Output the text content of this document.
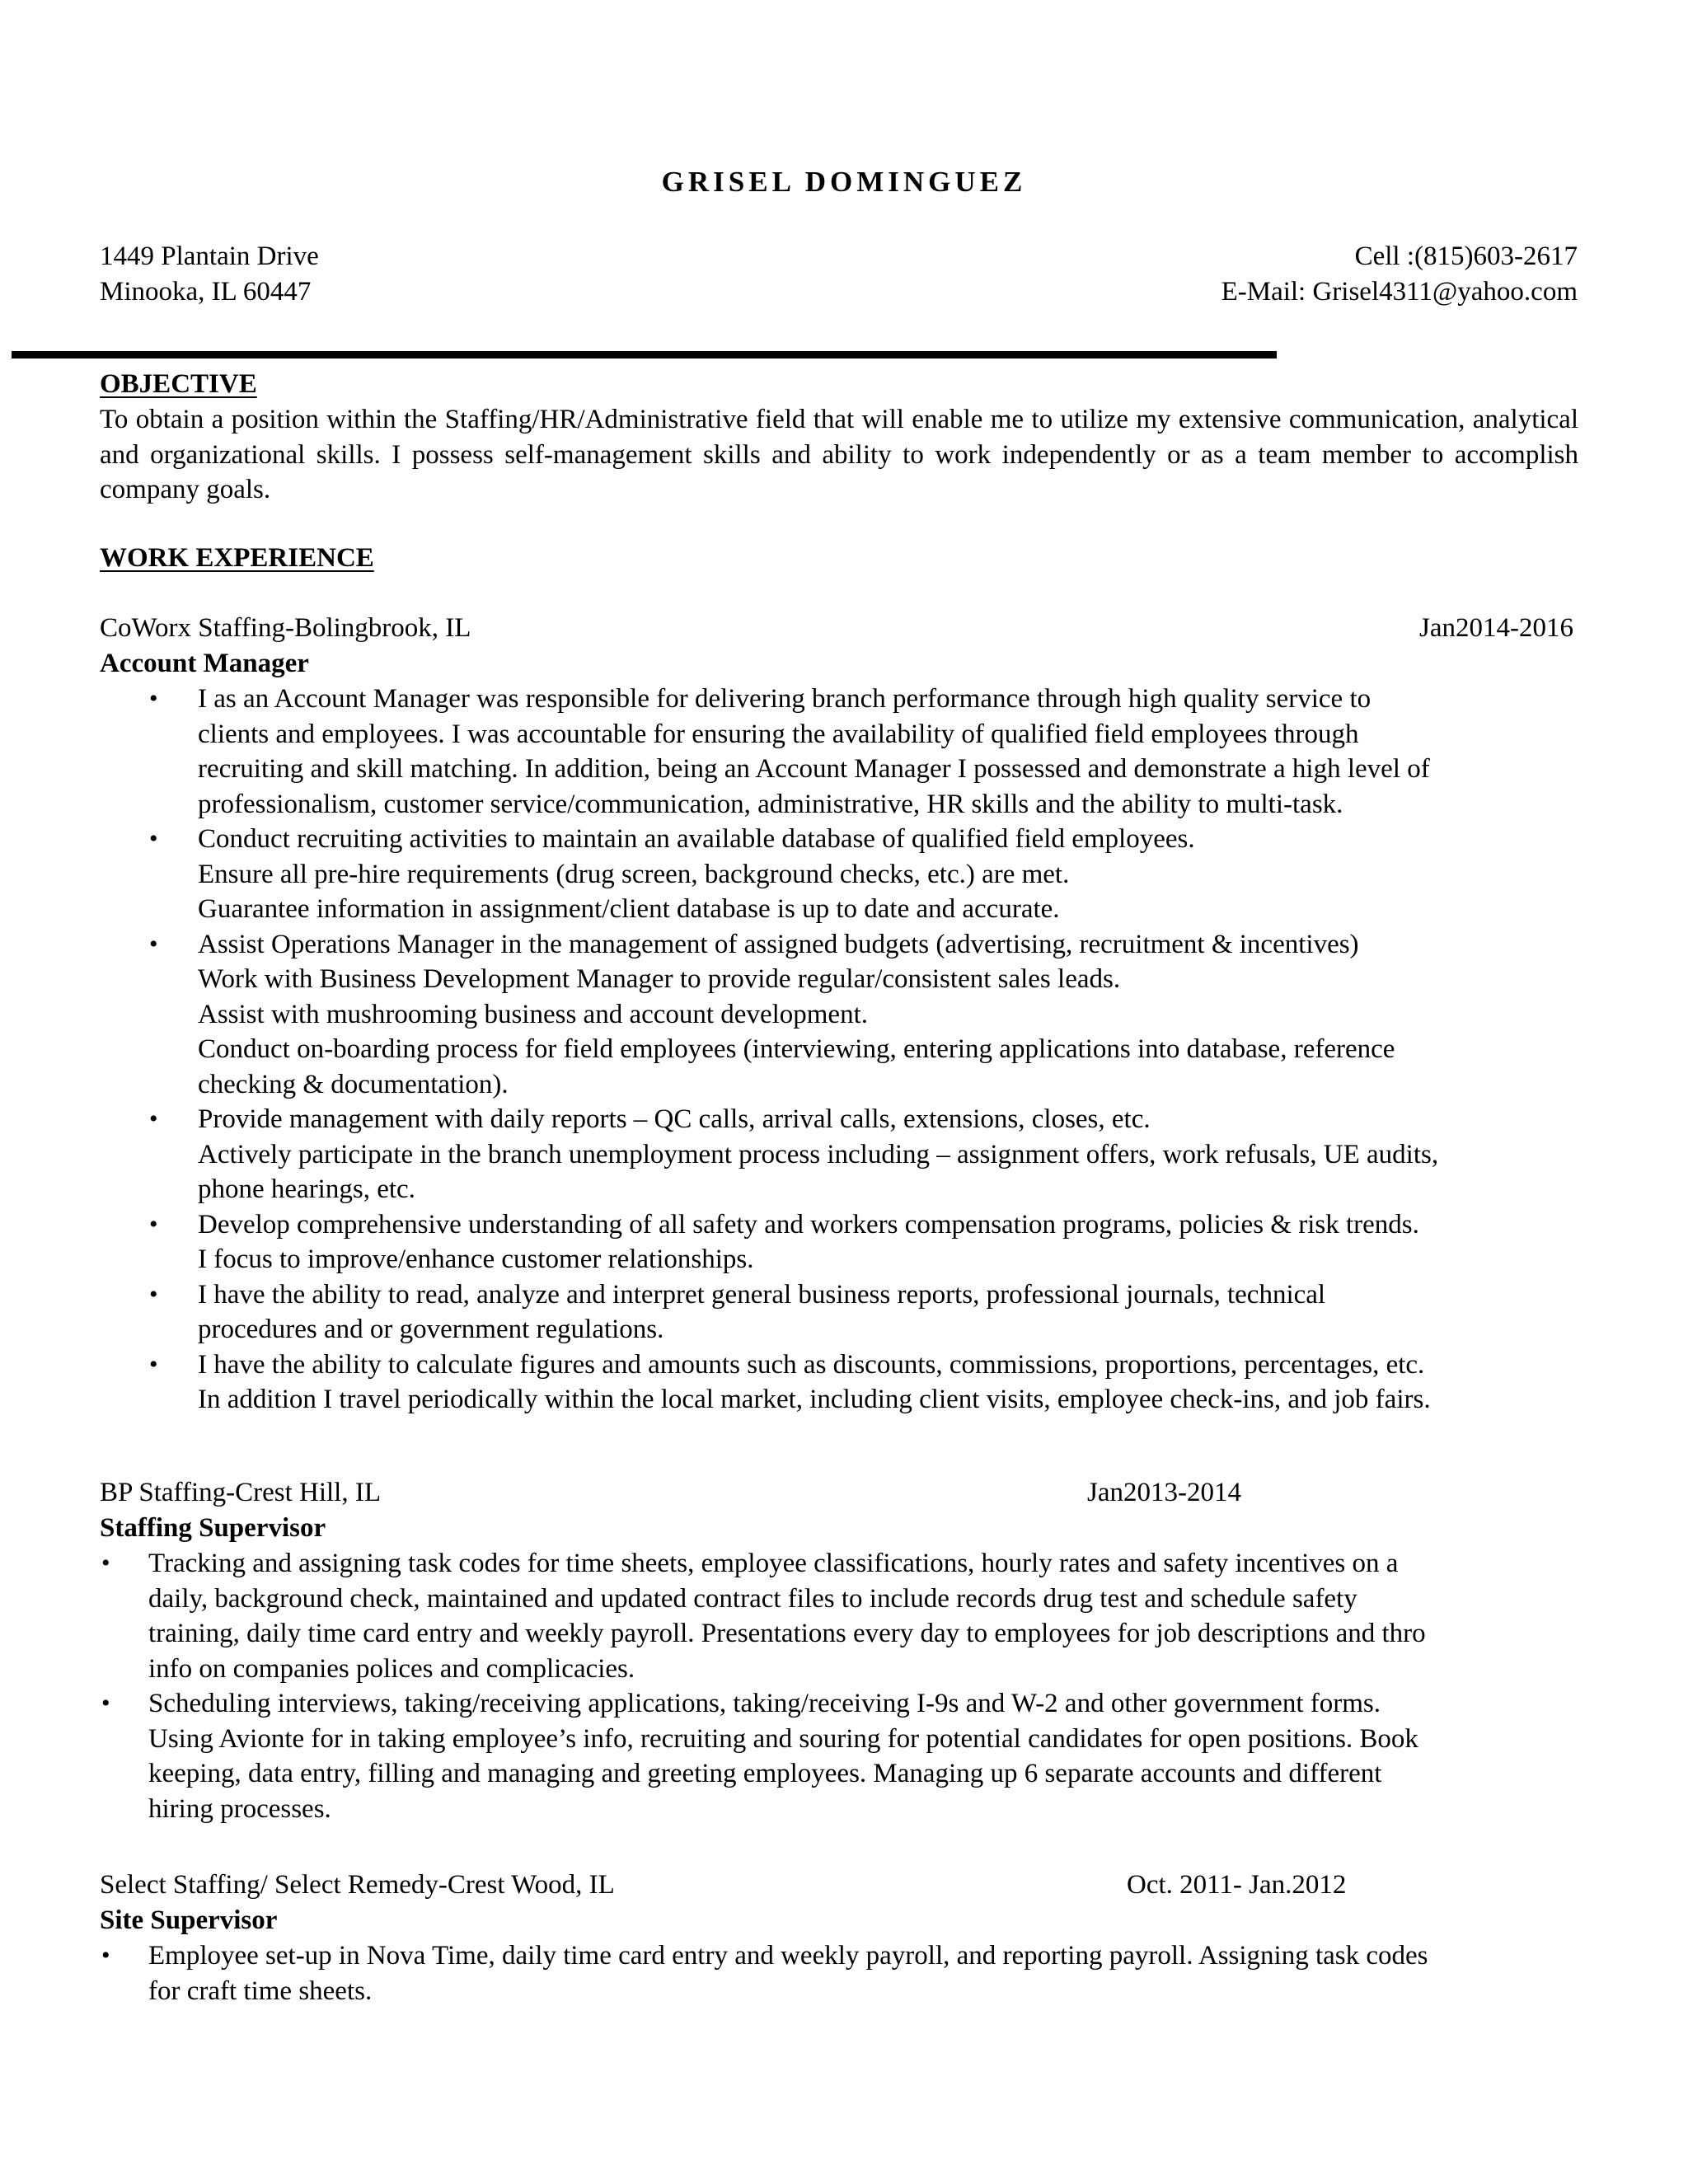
GRISEL DOMINGUEZ
1449 Plantain Drive
Minooka, IL 60447
Cell :(815)603-2617
E-Mail: Grisel4311@yahoo.com
OBJECTIVE
To obtain a position within the Staffing/HR/Administrative field that will enable me to utilize my extensive communication, analytical and organizational skills. I possess self-management skills and ability to work independently or as a team member to accomplish company goals.
WORK EXPERIENCE
CoWorx Staffing-Bolingbrook, IL	Jan2014-2016
Account Manager
• I as an Account Manager was responsible for delivering branch performance through high quality service to
clients and employees. I was accountable for ensuring the availability of qualified field employees through
recruiting and skill matching. In addition, being an Account Manager I possessed and demonstrate a high level of
professionalism, customer service/communication, administrative, HR skills and the ability to multi-task.
• Conduct recruiting activities to maintain an available database of qualified field employees.
Ensure all pre-hire requirements (drug screen, background checks, etc.) are met.
Guarantee information in assignment/client database is up to date and accurate.
• Assist Operations Manager in the management of assigned budgets (advertising, recruitment & incentives)
Work with Business Development Manager to provide regular/consistent sales leads.
Assist with mushrooming business and account development.
Conduct on-boarding process for field employees (interviewing, entering applications into database, reference
checking & documentation).
• Provide management with daily reports – QC calls, arrival calls, extensions, closes, etc.
Actively participate in the branch unemployment process including – assignment offers, work refusals, UE audits,
phone hearings, etc.
• Develop comprehensive understanding of all safety and workers compensation programs, policies & risk trends.
I focus to improve/enhance customer relationships.
• I have the ability to read, analyze and interpret general business reports, professional journals, technical
procedures and or government regulations.
• I have the ability to calculate figures and amounts such as discounts, commissions, proportions, percentages, etc.
In addition I travel periodically within the local market, including client visits, employee check-ins, and job fairs.
BP Staffing-Crest Hill, IL	Jan2013-2014
Staffing Supervisor
• Tracking and assigning task codes for time sheets, employee classifications, hourly rates and safety incentives on a
daily, background check, maintained and updated contract files to include records drug test and schedule safety
training, daily time card entry and weekly payroll. Presentations every day to employees for job descriptions and thro
info on companies polices and complicacies.
• Scheduling interviews, taking/receiving applications, taking/receiving I-9s and W-2 and other government forms.
Using Avionte for in taking employee’s info, recruiting and souring for potential candidates for open positions. Book
keeping, data entry, filling and managing and greeting employees. Managing up 6 separate accounts and different
hiring processes.
Select Staffing/ Select Remedy-Crest Wood, IL	Oct. 2011- Jan.2012
Site Supervisor
• Employee set-up in Nova Time, daily time card entry and weekly payroll, and reporting payroll. Assigning task codes
for craft time sheets.
